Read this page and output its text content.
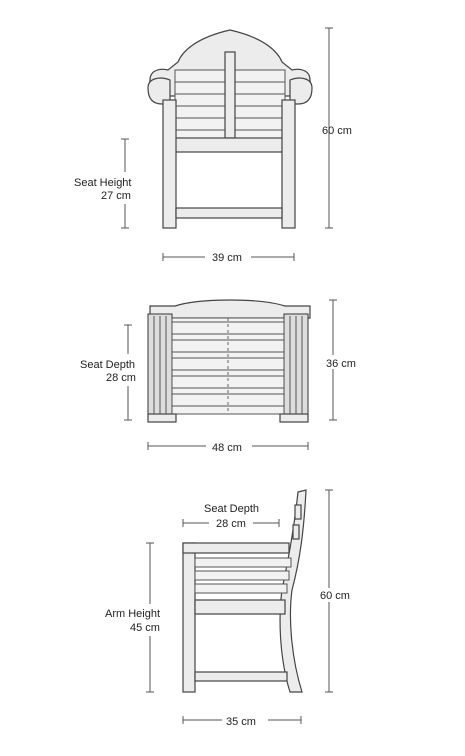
60 cm
39 cm
Seat Height
27 cm
36 cm
48 cm
Seat Depth
28 cm
Seat Depth
28 cm
Arm Height
45 cm
60 cm
35 cm
